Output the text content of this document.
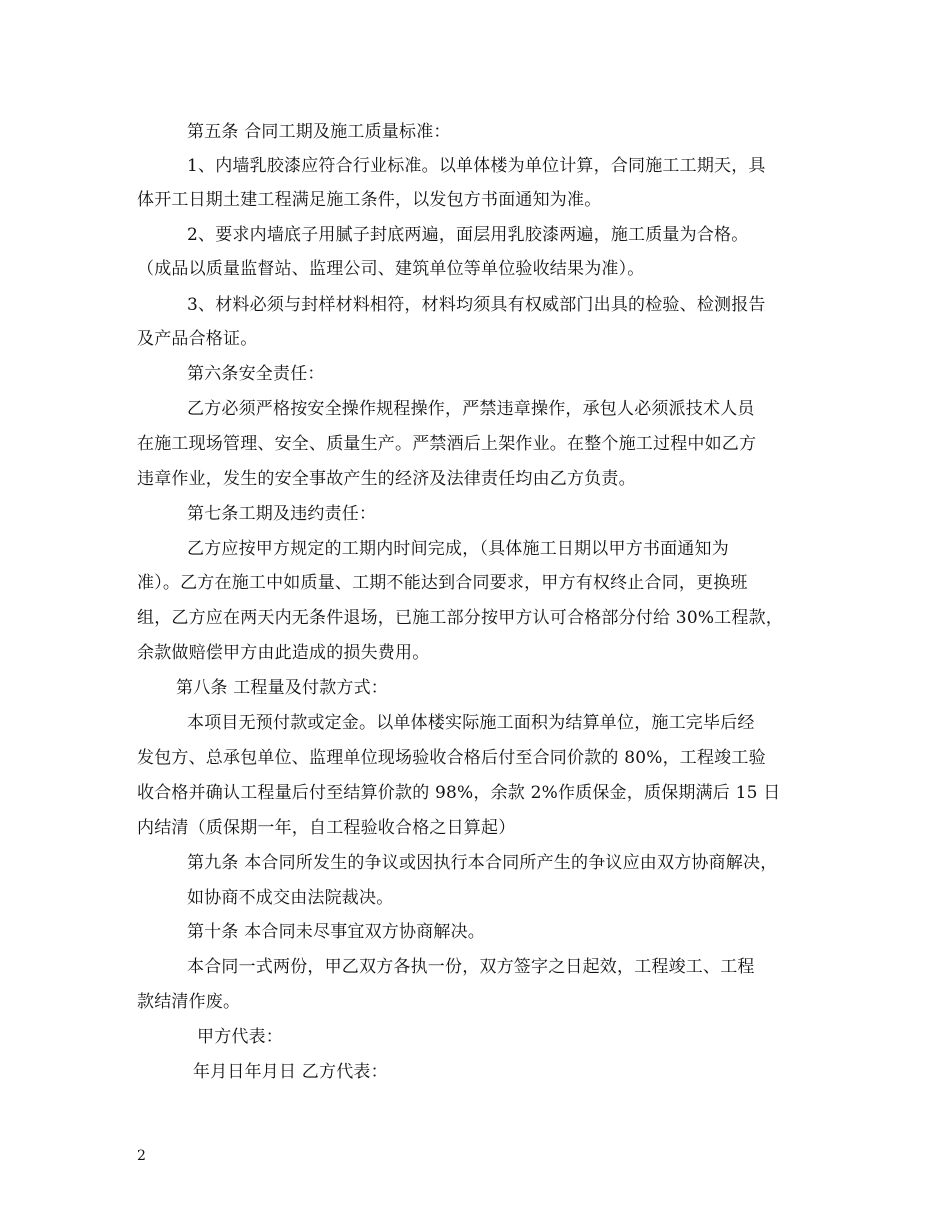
第五条 合同工期及施工质量标准：
1、内墙乳胶漆应符合行业标准。以单体楼为单位计算，合同施工工期天，具
体开工日期土建工程满足施工条件，以发包方书面通知为准。
2、要求内墙底子用腻子封底两遍，面层用乳胶漆两遍，施工质量为合格。
（成品以质量监督站、监理公司、建筑单位等单位验收结果为准）。
3、材料必须与封样材料相符，材料均须具有权威部门出具的检验、检测报告
及产品合格证。
第六条安全责任：
乙方必须严格按安全操作规程操作，严禁违章操作，承包人必须派技术人员
在施工现场管理、安全、质量生产。严禁酒后上架作业。在整个施工过程中如乙方
违章作业，发生的安全事故产生的经济及法律责任均由乙方负责。
第七条工期及违约责任：
乙方应按甲方规定的工期内时间完成，（具体施工日期以甲方书面通知为
准）。乙方在施工中如质量、工期不能达到合同要求，甲方有权终止合同，更换班
组，乙方应在两天内无条件退场，已施工部分按甲方认可合格部分付给 30%工程款，
余款做赔偿甲方由此造成的损失费用。
第八条 工程量及付款方式：
本项目无预付款或定金。以单体楼实际施工面积为结算单位，施工完毕后经
发包方、总承包单位、监理单位现场验收合格后付至合同价款的 80%，工程竣工验
收合格并确认工程量后付至结算价款的 98%，余款 2%作质保金，质保期满后 15 日
内结清（质保期一年，自工程验收合格之日算起）
第九条 本合同所发生的争议或因执行本合同所产生的争议应由双方协商解决，
如协商不成交由法院裁决。
第十条 本合同未尽事宜双方协商解决。
本合同一式两份，甲乙双方各执一份，双方签字之日起效，工程竣工、工程
款结清作废。
甲方代表：
年月日年月日 乙方代表：
2
